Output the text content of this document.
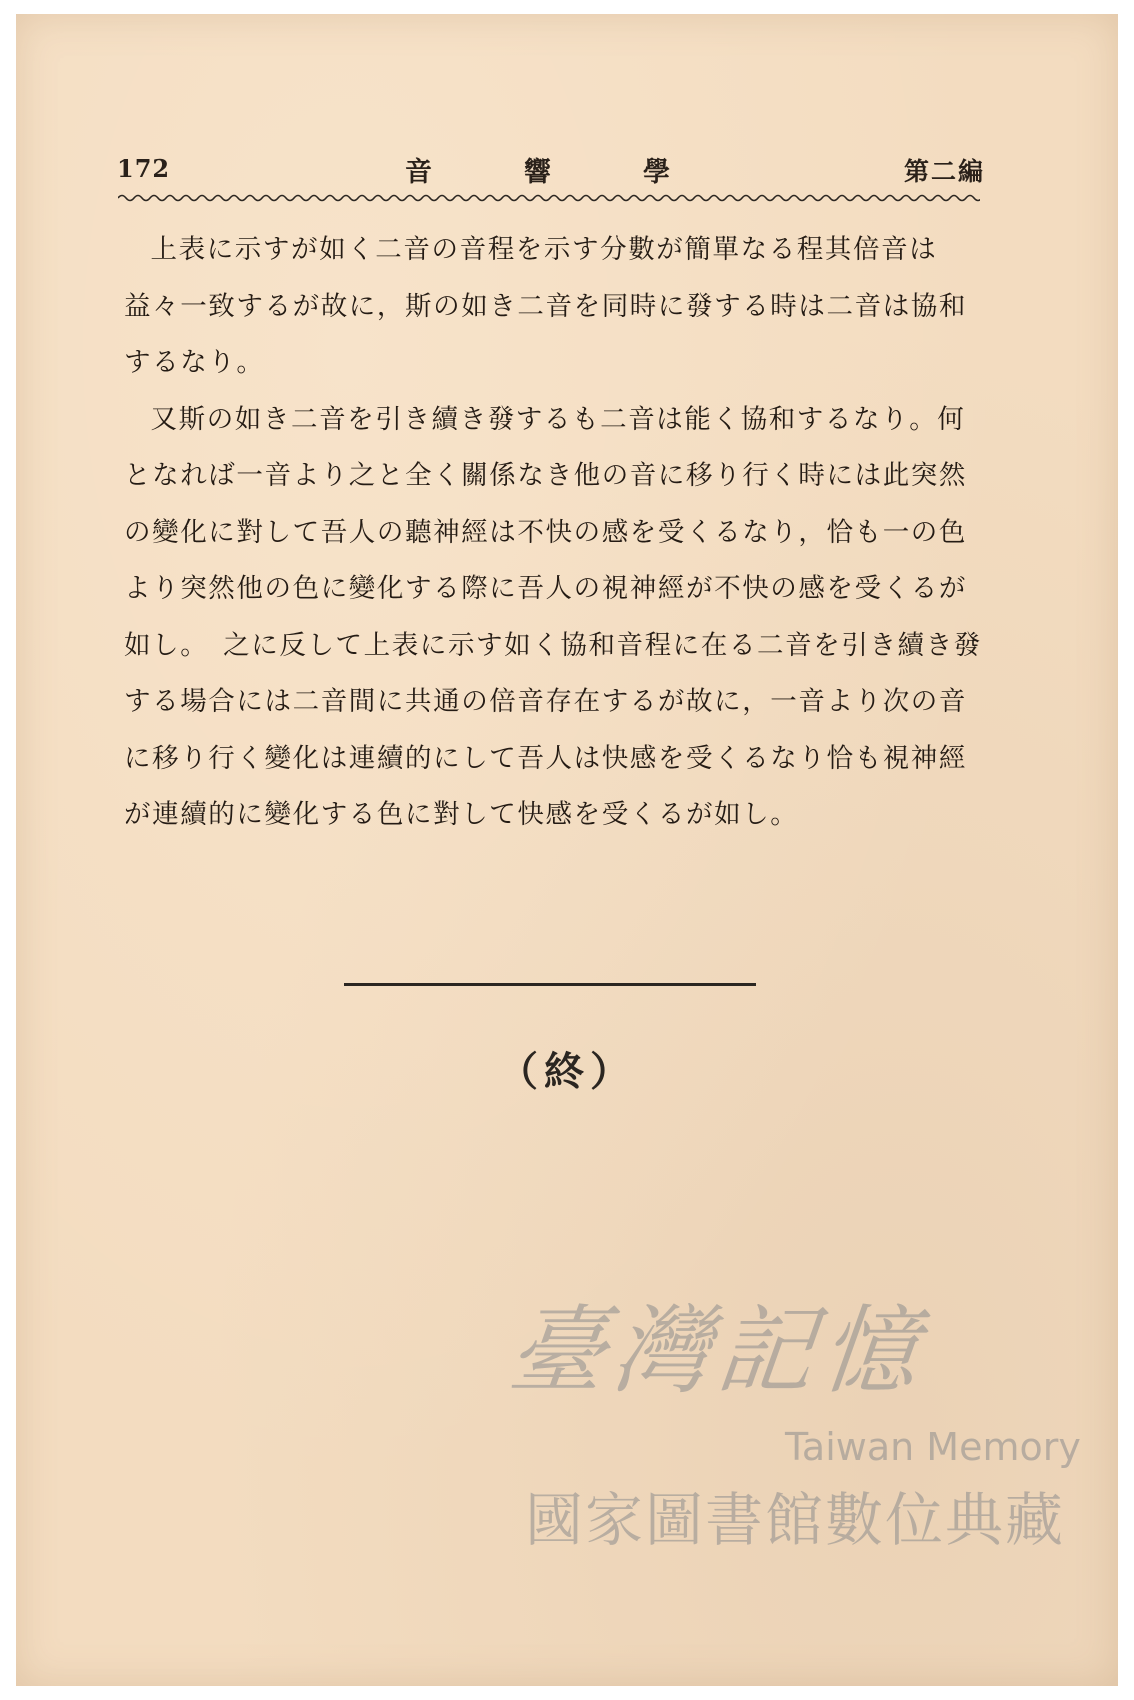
172	音響學	第二編

上表に示すが如く二音の音程を示す分數が簡單なる程其倍音は益々一致するが故に，斯の如き二音を同時に發する時は二音は協和するなり。

又斯の如き二音を引き續き發するも二音は能く協和するなり。何となれば一音より之と全く關係なき他の音に移り行く時には此突然の變化に對して吾人の聽神經は不快の感を受くるなり，恰も一の色より突然他の色に變化する際に吾人の視神經が不快の感を受くるが如し。　之に反して上表に示す如く協和音程に在る二音を引き續き發する場合には二音間に共通の倍音存在するが故に，一音より次の音に移り行く變化は連續的にして吾人は快感を受くるなり恰も視神經が連續的に變化する色に對して快感を受くるが如し。

（終）
臺灣記憶
Taiwan Memory
國家圖書館數位典藏
